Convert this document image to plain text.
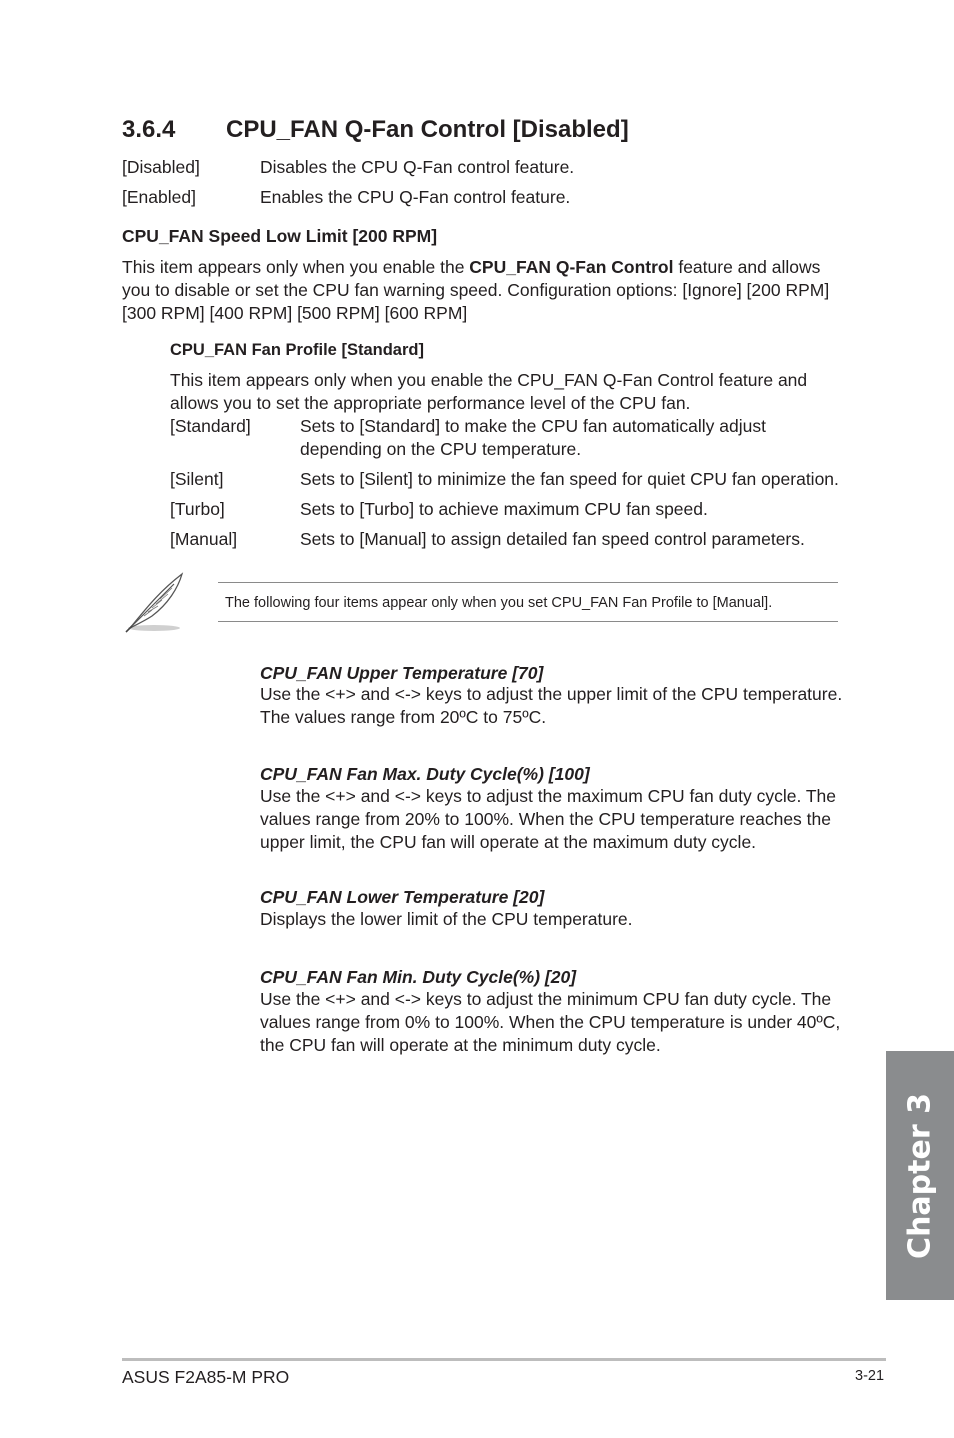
3.6.4 CPU_FAN Q-Fan Control [Disabled]
[Disabled]	Disables the CPU Q-Fan control feature.
[Enabled]	Enables the CPU Q-Fan control feature.
CPU_FAN Speed Low Limit [200 RPM]

This item appears only when you enable the CPU_FAN Q-Fan Control feature and allows you to disable or set the CPU fan warning speed. Configuration options: [Ignore] [200 RPM] [300 RPM] [400 RPM] [500 RPM] [600 RPM]

CPU_FAN Fan Profile [Standard]

This item appears only when you enable the CPU_FAN Q-Fan Control feature and allows you to set the appropriate performance level of the CPU fan.

[Standard]	Sets to [Standard] to make the CPU fan automatically adjust
depending on the CPU temperature.
[Silent]	Sets to [Silent] to minimize the fan speed for quiet CPU fan operation.
[Turbo]	Sets to [Turbo] to achieve maximum CPU fan speed.
[Manual]	Sets to [Manual] to assign detailed fan speed control parameters.
The following four items appear only when you set CPU_FAN Fan Profile to [Manual].
CPU_FAN Upper Temperature [70]

Use the <+> and <-> keys to adjust the upper limit of the CPU temperature. The values range from 20ºC to 75ºC.

CPU_FAN Fan Max. Duty Cycle(%) [100]

Use the <+> and <-> keys to adjust the maximum CPU fan duty cycle. The values range from 20% to 100%. When the CPU temperature reaches the upper limit, the CPU fan will operate at the maximum duty cycle.

CPU_FAN Lower Temperature [20]

Displays the lower limit of the CPU temperature.

CPU_FAN Fan Min. Duty Cycle(%) [20]

Use the <+> and <-> keys to adjust the minimum CPU fan duty cycle. The values range from 0% to 100%. When the CPU temperature is under 40ºC, the CPU fan will operate at the minimum duty cycle.

Chapter 3
ASUS F2A85-M PRO	3-21
